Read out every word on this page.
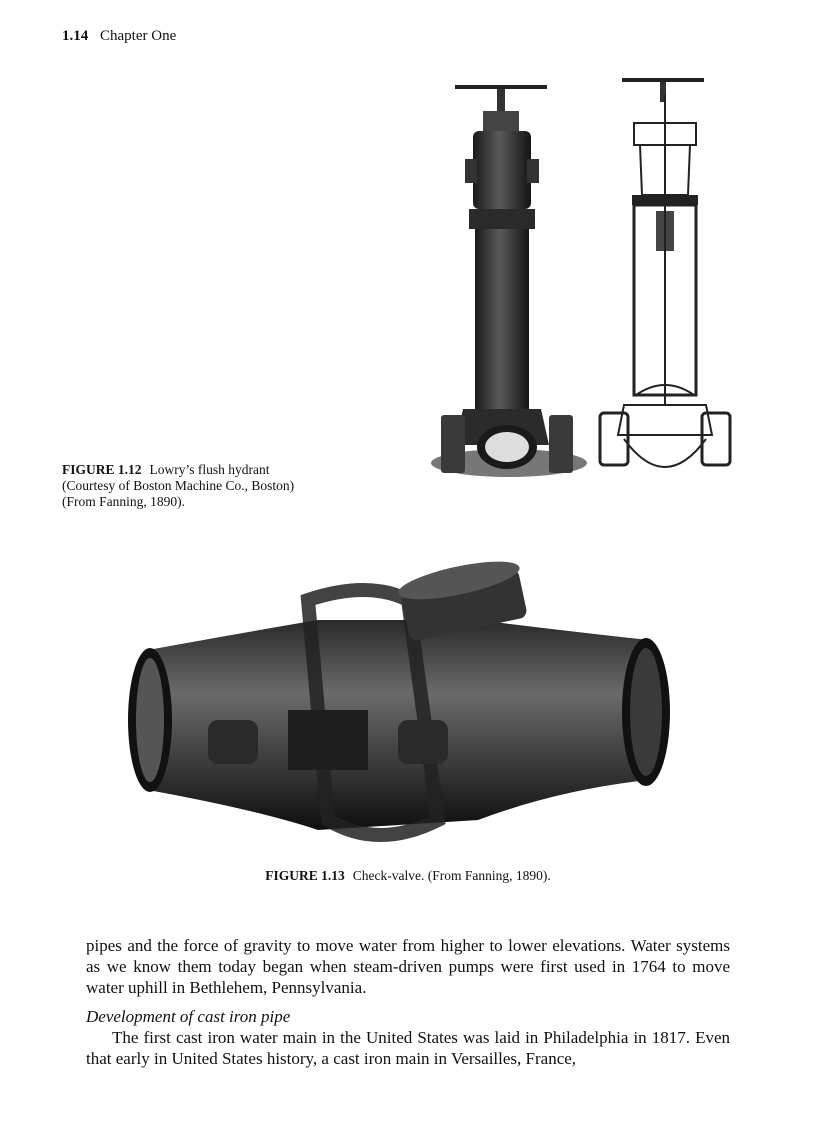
1.14 Chapter One
FIGURE 1.12 Lowry’s flush hydrant
(Courtesy of Boston Machine Co., Boston)
(From Fanning, 1890).
FIGURE 1.13 Check-valve. (From Fanning, 1890).

pipes and the force of gravity to move water from higher to lower elevations. Water systems as we know them today began when steam-driven pumps were first used in 1764 to move water uphill in Bethlehem, Pennsylvania.

Development of cast iron pipe

The first cast iron water main in the United States was laid in Philadelphia in 1817. Even that early in United States history, a cast iron main in Versailles, France,
